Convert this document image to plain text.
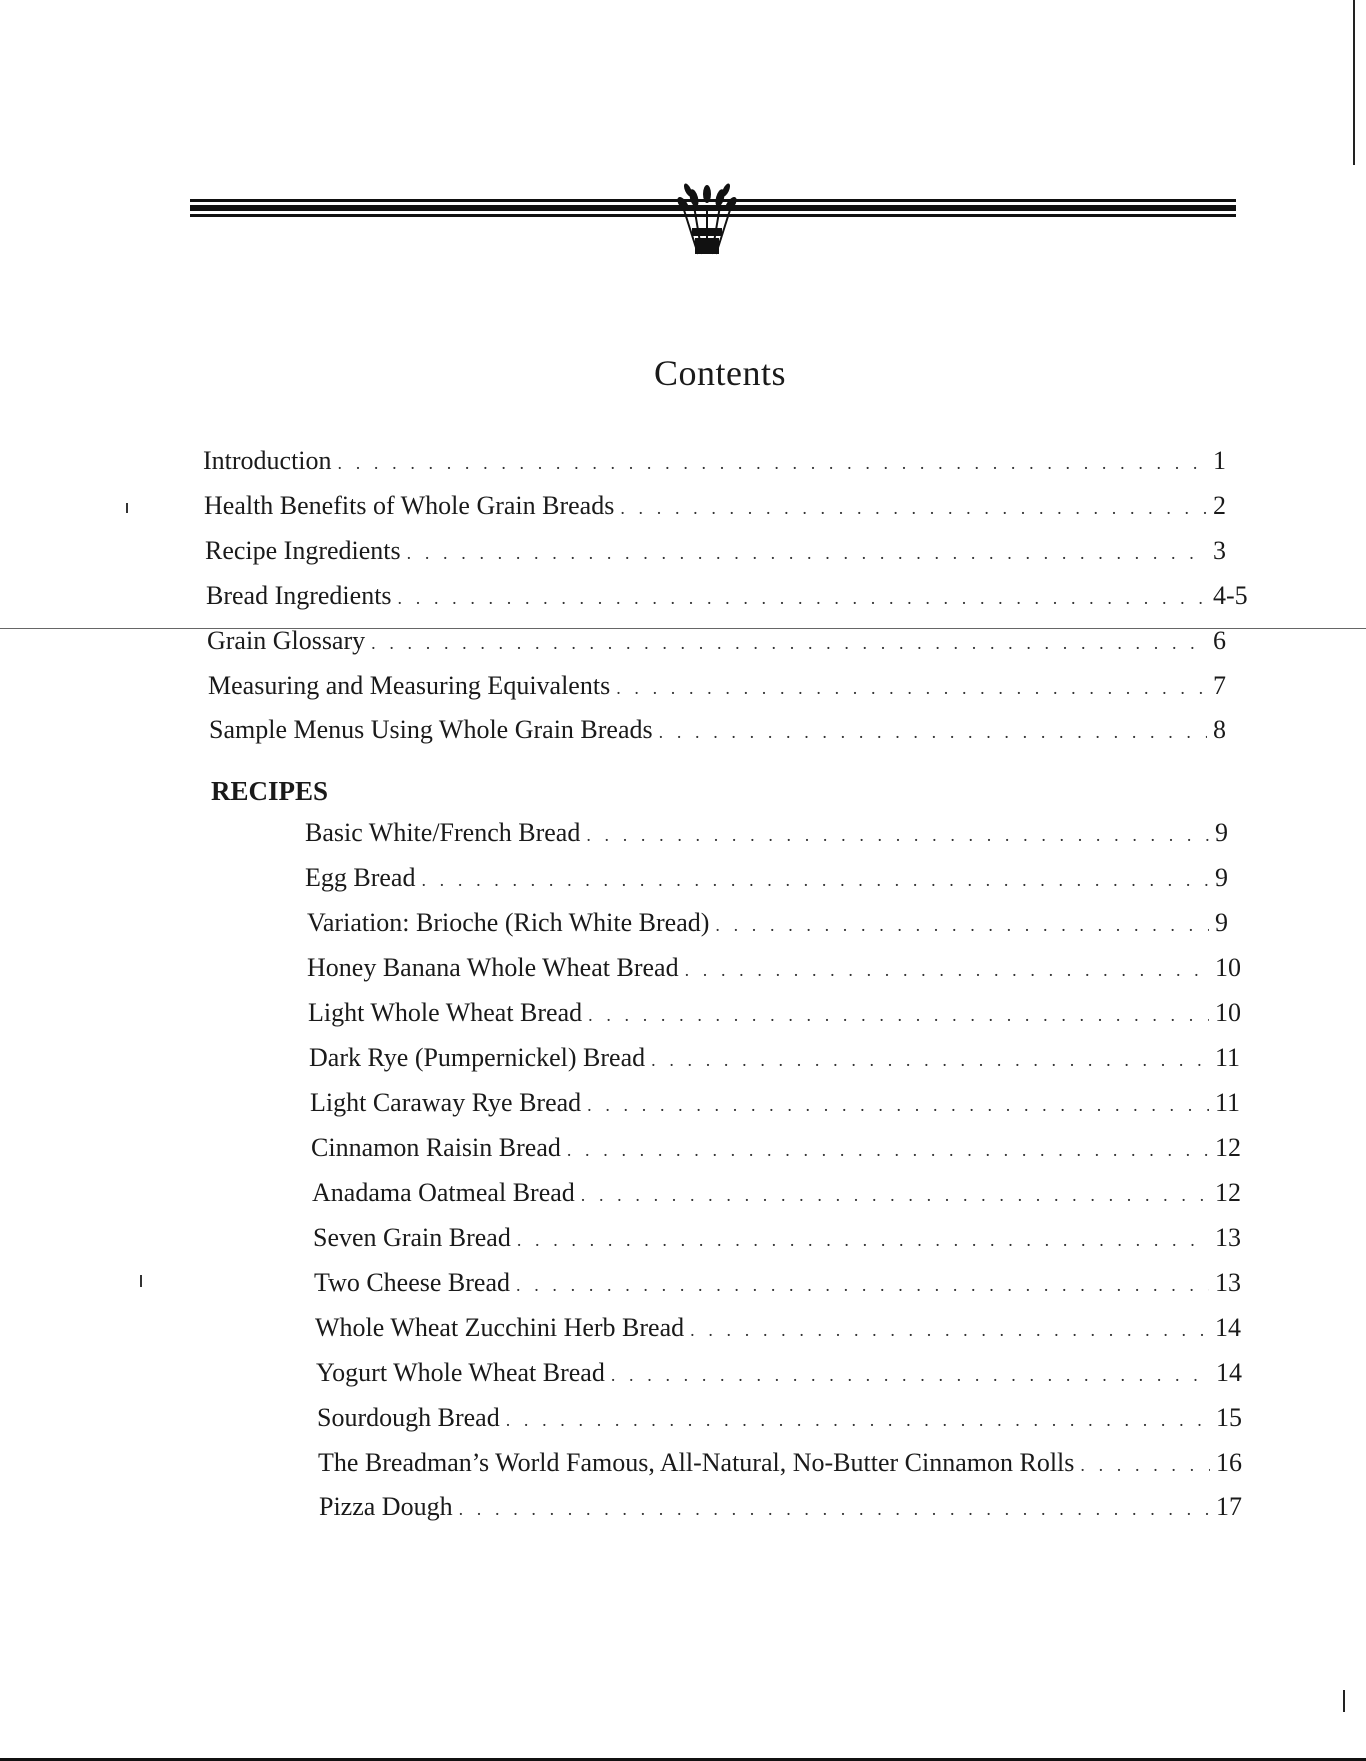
Contents
Introduction . . .	1
Health Benefits of Whole Grain Breads . . .	2
Recipe Ingredients . . .	3
Bread Ingredients . . .	4-5
Grain Glossary . . .	6
Measuring and Measuring Equivalents . . .	7
Sample Menus Using Whole Grain Breads . . .	8
RECIPES
Basic White/French Bread . . .	9
Egg Bread . . .	9
Variation: Brioche (Rich White Bread) . . .	9
Honey Banana Whole Wheat Bread . . .	10
Light Whole Wheat Bread . . .	10
Dark Rye (Pumpernickel) Bread . . .	11
Light Caraway Rye Bread . . .	11
Cinnamon Raisin Bread . . .	12
Anadama Oatmeal Bread . . .	12
Seven Grain Bread . . .	13
Two Cheese Bread . . .	13
Whole Wheat Zucchini Herb Bread . . .	14
Yogurt Whole Wheat Bread . . .	14
Sourdough Bread . . .	15
The Breadman’s World Famous, All-Natural, No-Butter Cinnamon Rolls . . .	16
Pizza Dough . . .	17
